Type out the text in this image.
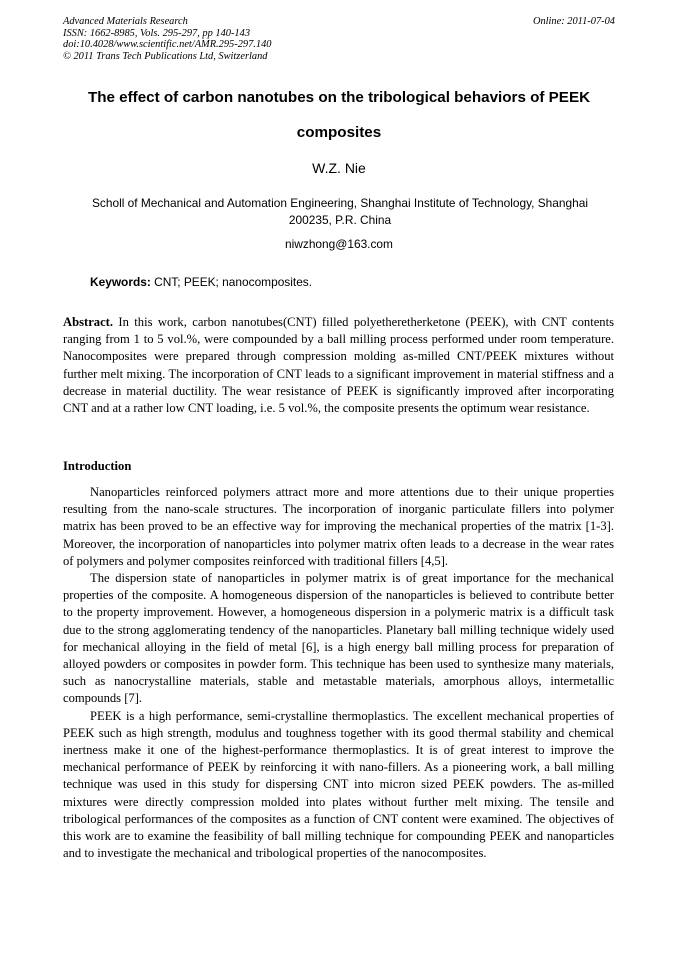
Advanced Materials Research
ISSN: 1662-8985, Vols. 295-297, pp 140-143
doi:10.4028/www.scientific.net/AMR.295-297.140
© 2011 Trans Tech Publications Ltd, Switzerland
Online: 2011-07-04
The effect of carbon nanotubes on the tribological behaviors of PEEK
composites
W.Z. Nie
Scholl of Mechanical and Automation Engineering, Shanghai Institute of Technology, Shanghai 200235, P.R. China
niwzhong@163.com
Keywords: CNT; PEEK; nanocomposites.
Abstract. In this work, carbon nanotubes(CNT) filled polyetheretherketone (PEEK), with CNT contents ranging from 1 to 5 vol.%, were compounded by a ball milling process performed under room temperature. Nanocomposites were prepared through compression molding as-milled CNT/PEEK mixtures without further melt mixing. The incorporation of CNT leads to a significant improvement in material stiffness and a decrease in material ductility. The wear resistance of PEEK is significantly improved after incorporating CNT and at a rather low CNT loading, i.e. 5 vol.%, the composite presents the optimum wear resistance.
Introduction

Nanoparticles reinforced polymers attract more and more attentions due to their unique properties resulting from the nano-scale structures. The incorporation of inorganic particulate fillers into polymer matrix has been proved to be an effective way for improving the mechanical properties of the matrix [1-3]. Moreover, the incorporation of nanoparticles into polymer matrix often leads to a decrease in the wear rates of polymers and polymer composites reinforced with traditional fillers [4,5].

The dispersion state of nanoparticles in polymer matrix is of great importance for the mechanical properties of the composite. A homogeneous dispersion of the nanoparticles is believed to contribute better to the property improvement. However, a homogeneous dispersion in a polymeric matrix is a difficult task due to the strong agglomerating tendency of the nanoparticles. Planetary ball milling technique widely used for mechanical alloying in the field of metal [6], is a high energy ball milling process for preparation of alloyed powders or composites in powder form. This technique has been used to synthesize many materials, such as nanocrystalline materials, stable and metastable materials, amorphous alloys, intermetallic compounds [7].

PEEK is a high performance, semi-crystalline thermoplastics. The excellent mechanical properties of PEEK such as high strength, modulus and toughness together with its good thermal stability and chemical inertness make it one of the highest-performance thermoplastics. It is of great interest to improve the mechanical performance of PEEK by reinforcing it with nano-fillers. As a pioneering work, a ball milling technique was used in this study for dispersing CNT into micron sized PEEK powders. The as-milled mixtures were directly compression molded into plates without further melt mixing. The tensile and tribological performances of the composites as a function of CNT content were examined. The objectives of this work are to examine the feasibility of ball milling technique for compounding PEEK and nanoparticles and to investigate the mechanical and tribological properties of the nanocomposites.
